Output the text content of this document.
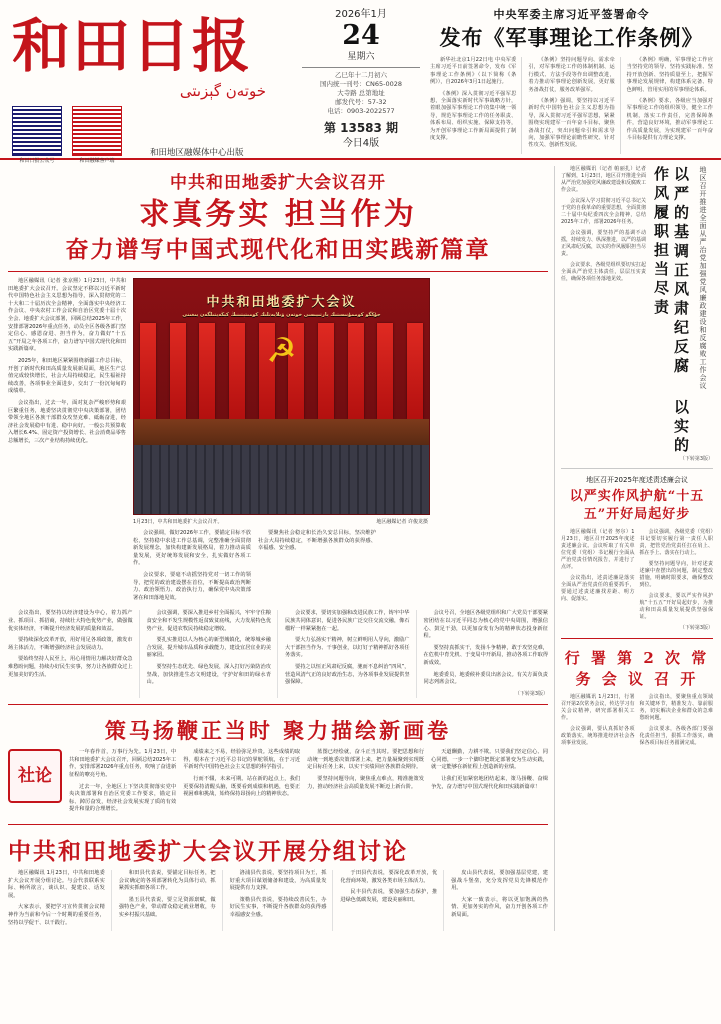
和田日报
خوتەن گېزىتى
和田日报公众号	和田融媒客户端
和田地区融媒体中心出版
2026年1月
24
星期六
乙巳年十二月初六
国内统一刊号：CN65-0028
大寺路 总第地址
邮发代号：57-32
电话：0903-2022577
第 13583 期
今日4版
中央军委主席习近平签署命令
发布《军事理论工作条例》

新华社北京1月22日电 中央军委主席习近平日前签署命令，发布《军事理论工作条例》（以下简称《条例》），自2026年3月1日起施行。

《条例》深入贯彻习近平强军思想，全面落实新时代军事战略方针，着眼加强军事理论工作的集中统一领导，规范军事理论工作的任务职责、体系布局、组织实施、保障支持等，为开创军事理论工作新局面提供了制度支撑。

《条例》坚持问题导向、需求牵引，对军事理论工作的体制机制、运行模式、方法手段等作出调整改进，着力推动军事理论创新发展，更好服务备战打仗，服务改革强军。

《条例》强调，要坚持以习近平新时代中国特色社会主义思想为指导，深入贯彻习近平强军思想，紧紧围绕实现建军一百年奋斗目标，聚焦备战打仗，突出问题牵引和需求导向，加强军事理论前瞻性研究、针对性攻关、创新性发展。

《条例》明确，军事理论工作应当坚持党的领导、坚持实践标准、坚持开放创新、坚持质量至上，把握军事理论发展规律，构建体系完备、特色鲜明、管用实用的军事理论体系。

《条例》要求，各级应当加强对军事理论工作的组织领导，健全工作机制，落实工作责任，完善保障条件，营造良好环境，推动军事理论工作高质量发展，为实现建军一百年奋斗目标提供有力理论支撑。

中共和田地委扩大会议召开
求真务实 担当作为
奋力谱写中国式现代化和田实践新篇章

地区融媒讯（记者 张京熙）1月23日，中共和田地委扩大会议召开。会议坚定不移以习近平新时代中国特色社会主义思想为指导，深入贯彻党的二十大和二十届历次全会精神，全面落实中央经济工作会议、中央农村工作会议和自治区党委十届十次全会、地委扩大会议部署，回顾总结2025年工作，安排部署2026年重点任务，动员全区各级各部门坚定信心、感恩奋进、担当作为，奋力做好“十五五”开局之年各项工作，奋力谱写中国式现代化和田实践新篇章。

2025年，和田地区紧紧围绕新疆工作总目标，开创了新时代和田高质量发展新局面，地区生产总值完成较快增长，社会大局持续稳定，民生福祉持续改善，各项事业全面进步，交出了一份沉甸甸的成绩单。

会议指出，过去一年，面对复杂严峻形势和艰巨繁重任务，地委坚决贯彻党中央决策部署，团结带领全地区各族干部群众攻坚克难、砥砺奋进，经济社会发展稳中有进、稳中向好。一般公共预算收入增长6.4%、固定资产投资增长、社会消费品零售总额增长，三次产业结构持续优化。

中共和田地委扩大会议
جۇڭگو كوممۇنىستىك پارتىيىسى خوتەن ۋىلايەتلىك كومىتېتىنىڭ كېڭەيتىلگەن يىغىنى
☭
1月23日，中共和田地委扩大会议召开。	地区融媒记者 许俊龙摄

会议强调，做好2026年工作，要锚定目标不放松，坚持稳中求进工作总基调，完整准确全面贯彻新发展理念，加快构建新发展格局，着力推动高质量发展，更好统筹发展和安全，扎实做好各项工作。

会议要求，要毫不动摇坚持党对一切工作的领导，把党的政治建设摆在首位，不断提高政治判断力、政治领悟力、政治执行力，确保党中央决策部署在和田落地见效。

要聚焦社会稳定和长治久安总目标，坚决维护社会大局持续稳定，不断增强各族群众的获得感、幸福感、安全感。

会议指出，要坚持以经济建设为中心，着力抓产业、抓项目、抓招商，持续壮大特色优势产业，做强做优实体经济，不断提升经济发展的质量和效益。

要持续深化改革开放，用好用足各项政策，激发市场主体活力，不断增强经济社会发展动力。

要始终坚持人民至上，用心用情用力解决好群众急难愁盼问题，持续办好民生实事，努力让各族群众过上更加美好的生活。

会议强调，要深入推进乡村全面振兴，牢牢守住粮食安全和不发生规模性返贫致贫底线，大力发展特色优势产业，促进农牧民持续稳定增收。

要扎实推进以人为核心的新型城镇化，统筹城乡融合发展，提升城市品质和承载能力，建设宜居宜业的美丽家园。

要坚持生态优先、绿色发展，深入打好污染防治攻坚战，加快推进生态文明建设，守护好和田的绿水青山。

会议要求，要切实加强和改进民族工作，铸牢中华民族共同体意识，促进各民族广泛交往交流交融，像石榴籽一样紧紧抱在一起。

要大力弘扬实干精神，树立鲜明用人导向，激励广大干部担当作为、干事创业，以钉钉子精神抓好各项任务落实。

要持之以恒正风肃纪反腐，驰而不息纠治“四风”，营造风清气正的良好政治生态，为各项事业发展提供坚强保障。

会议号召，全地区各级党组织和广大党员干部要紧密团结在以习近平同志为核心的党中央周围，增强信心、鼓足干劲，以更加奋发有为的精神状态投身新征程。

要坚持真抓实干，发扬斗争精神，敢于攻坚克难，在危机中育先机、于变局中开新局，推动各项工作取得新成效。

地委委员，地委候补委员出席会议。有关方面负责同志列席会议。

（下转第3版）
策马扬鞭正当时 聚力描绘新画卷
社论

一年春作首，万事行为先。1月23日，中共和田地委扩大会议召开，回顾总结2025年工作，安排部署2026年重点任务，吹响了奋进新征程的嘹亮号角。

过去一年，全地区上下坚决贯彻落实党中央决策部署和自治区党委工作要求，锚定目标、踔厉奋发，经济社会发展实现了质的有效提升和量的合理增长。

成绩来之不易，经验弥足珍贵。这些成绩的取得，根本在于习近平总书记的掌舵领航，在于习近平新时代中国特色社会主义思想的科学指引。

行而不辍，未来可期。站在新的起点上，我们更要保持清醒头脑，既要看到成绩和机遇，也要正视困难和挑战，始终保持昂扬向上的精神状态。

蓝图已经绘就，奋斗正当其时。要把思想和行动统一到地委决策部署上来，把力量凝聚到实现既定目标任务上来，以实干实绩回应各族群众期待。

要坚持问题导向，聚焦重点难点，精准施策发力，推动经济社会高质量发展不断迈上新台阶。

天道酬勤，力耕不欺。只要我们坚定信心、同心同德，一步一个脚印把既定部署变为生动实践，就一定能够在新征程上创造新的业绩。

让我们更加紧密地团结起来，策马扬鞭、奋楫争先，奋力谱写中国式现代化和田实践新篇章！

中共和田地委扩大会议开展分组讨论

地区融媒讯 1月23日，中共和田地委扩大会议开展分组讨论。与会代表联系实际、畅所欲言，谈认识、提建议、话发展。

大家表示，要把学习宣传贯彻会议精神作为当前和今后一个时期的重要任务，坚持以学促干、以干践行。

和田县代表说，要锚定目标任务，把会议确定的各项部署转化为具体行动，抓紧抓实抓细各项工作。

墨玉县代表说，要立足资源禀赋，做强特色产业，带动群众稳定就业增收，夯实乡村振兴基础。

洛浦县代表说，要坚持项目为王，抓好重大项目谋划储备和建设，为高质量发展提供有力支撑。

策勒县代表说，要持续改善民生，办好民生实事，不断提升各族群众的获得感幸福感安全感。

于田县代表说，要深化改革开放，优化营商环境，激发各类市场主体活力。

民丰县代表说，要加强生态保护，推进绿色低碳发展，建设美丽和田。

皮山县代表说，要加强基层党建，建强战斗堡垒，充分发挥党员先锋模范作用。

大家一致表示，将以更加饱满的热情、更加务实的作风，奋力开创各项工作新局面。

地区融媒讯（记者 帕丽扎）记者了解到，1月23日，地区召开推进全面从严治党加强党风廉政建设和反腐败工作会议。

会议深入学习贯彻习近平总书记关于党的自我革命的重要思想，全面贯彻二十届中央纪委四次全会精神，总结2025年工作，部署2026年任务。

会议强调，要坚持严的基调不动摇，持续发力、纵深推进，以严的基调正风肃纪反腐，以实的作风履职担当尽责。

会议要求，各级党组织要切实扛起全面从严治党主体责任，层层压实责任，确保各项任务落地见效。	以严的基调正风肃纪反腐 以实的作风履职担当尽责	地区召开推进全面从严治党加强党风廉政建设和反腐败工作会议
（下转第3版）
地区召开2025年度述责述廉会议
以严实作风护航“十五五”开好局起好步

地区融媒讯（记者 努尔）1月23日，地区召开2025年度述责述廉会议。会议听取了有关单位党委（党组）书记履行全面从严治党责任情况报告，并进行了点评。

会议指出，述责述廉是落实全面从严治党责任的重要抓手，要通过述责述廉找差距、明方向、促落实。

会议强调，各级党委（党组）书记要切实履行第一责任人职责，把管党治党责任扛在肩上、抓在手上、落实在行动上。

要坚持问题导向，针对述责述廉中查摆出的问题，制定整改措施，明确时限要求，确保整改到位。

会议要求，要以严实作风护航“十五五”开好局起好步，为推动和田高质量发展提供坚强保证。

（下转第3版）
行 署 第 2 次 常 务 会 议 召 开

地区融媒讯 1月23日，行署召开第2次常务会议，传达学习有关会议精神，研究部署相关工作。

会议强调，要认真抓好各项政策落实，统筹推进经济社会各项事业发展。

会议指出，要聚焦重点领域和关键环节，精准发力、靠前服务，切实解决企业和群众的急难愁盼问题。

会议要求，各级各部门要强化责任担当，狠抓工作落实，确保各项目标任务圆满完成。
